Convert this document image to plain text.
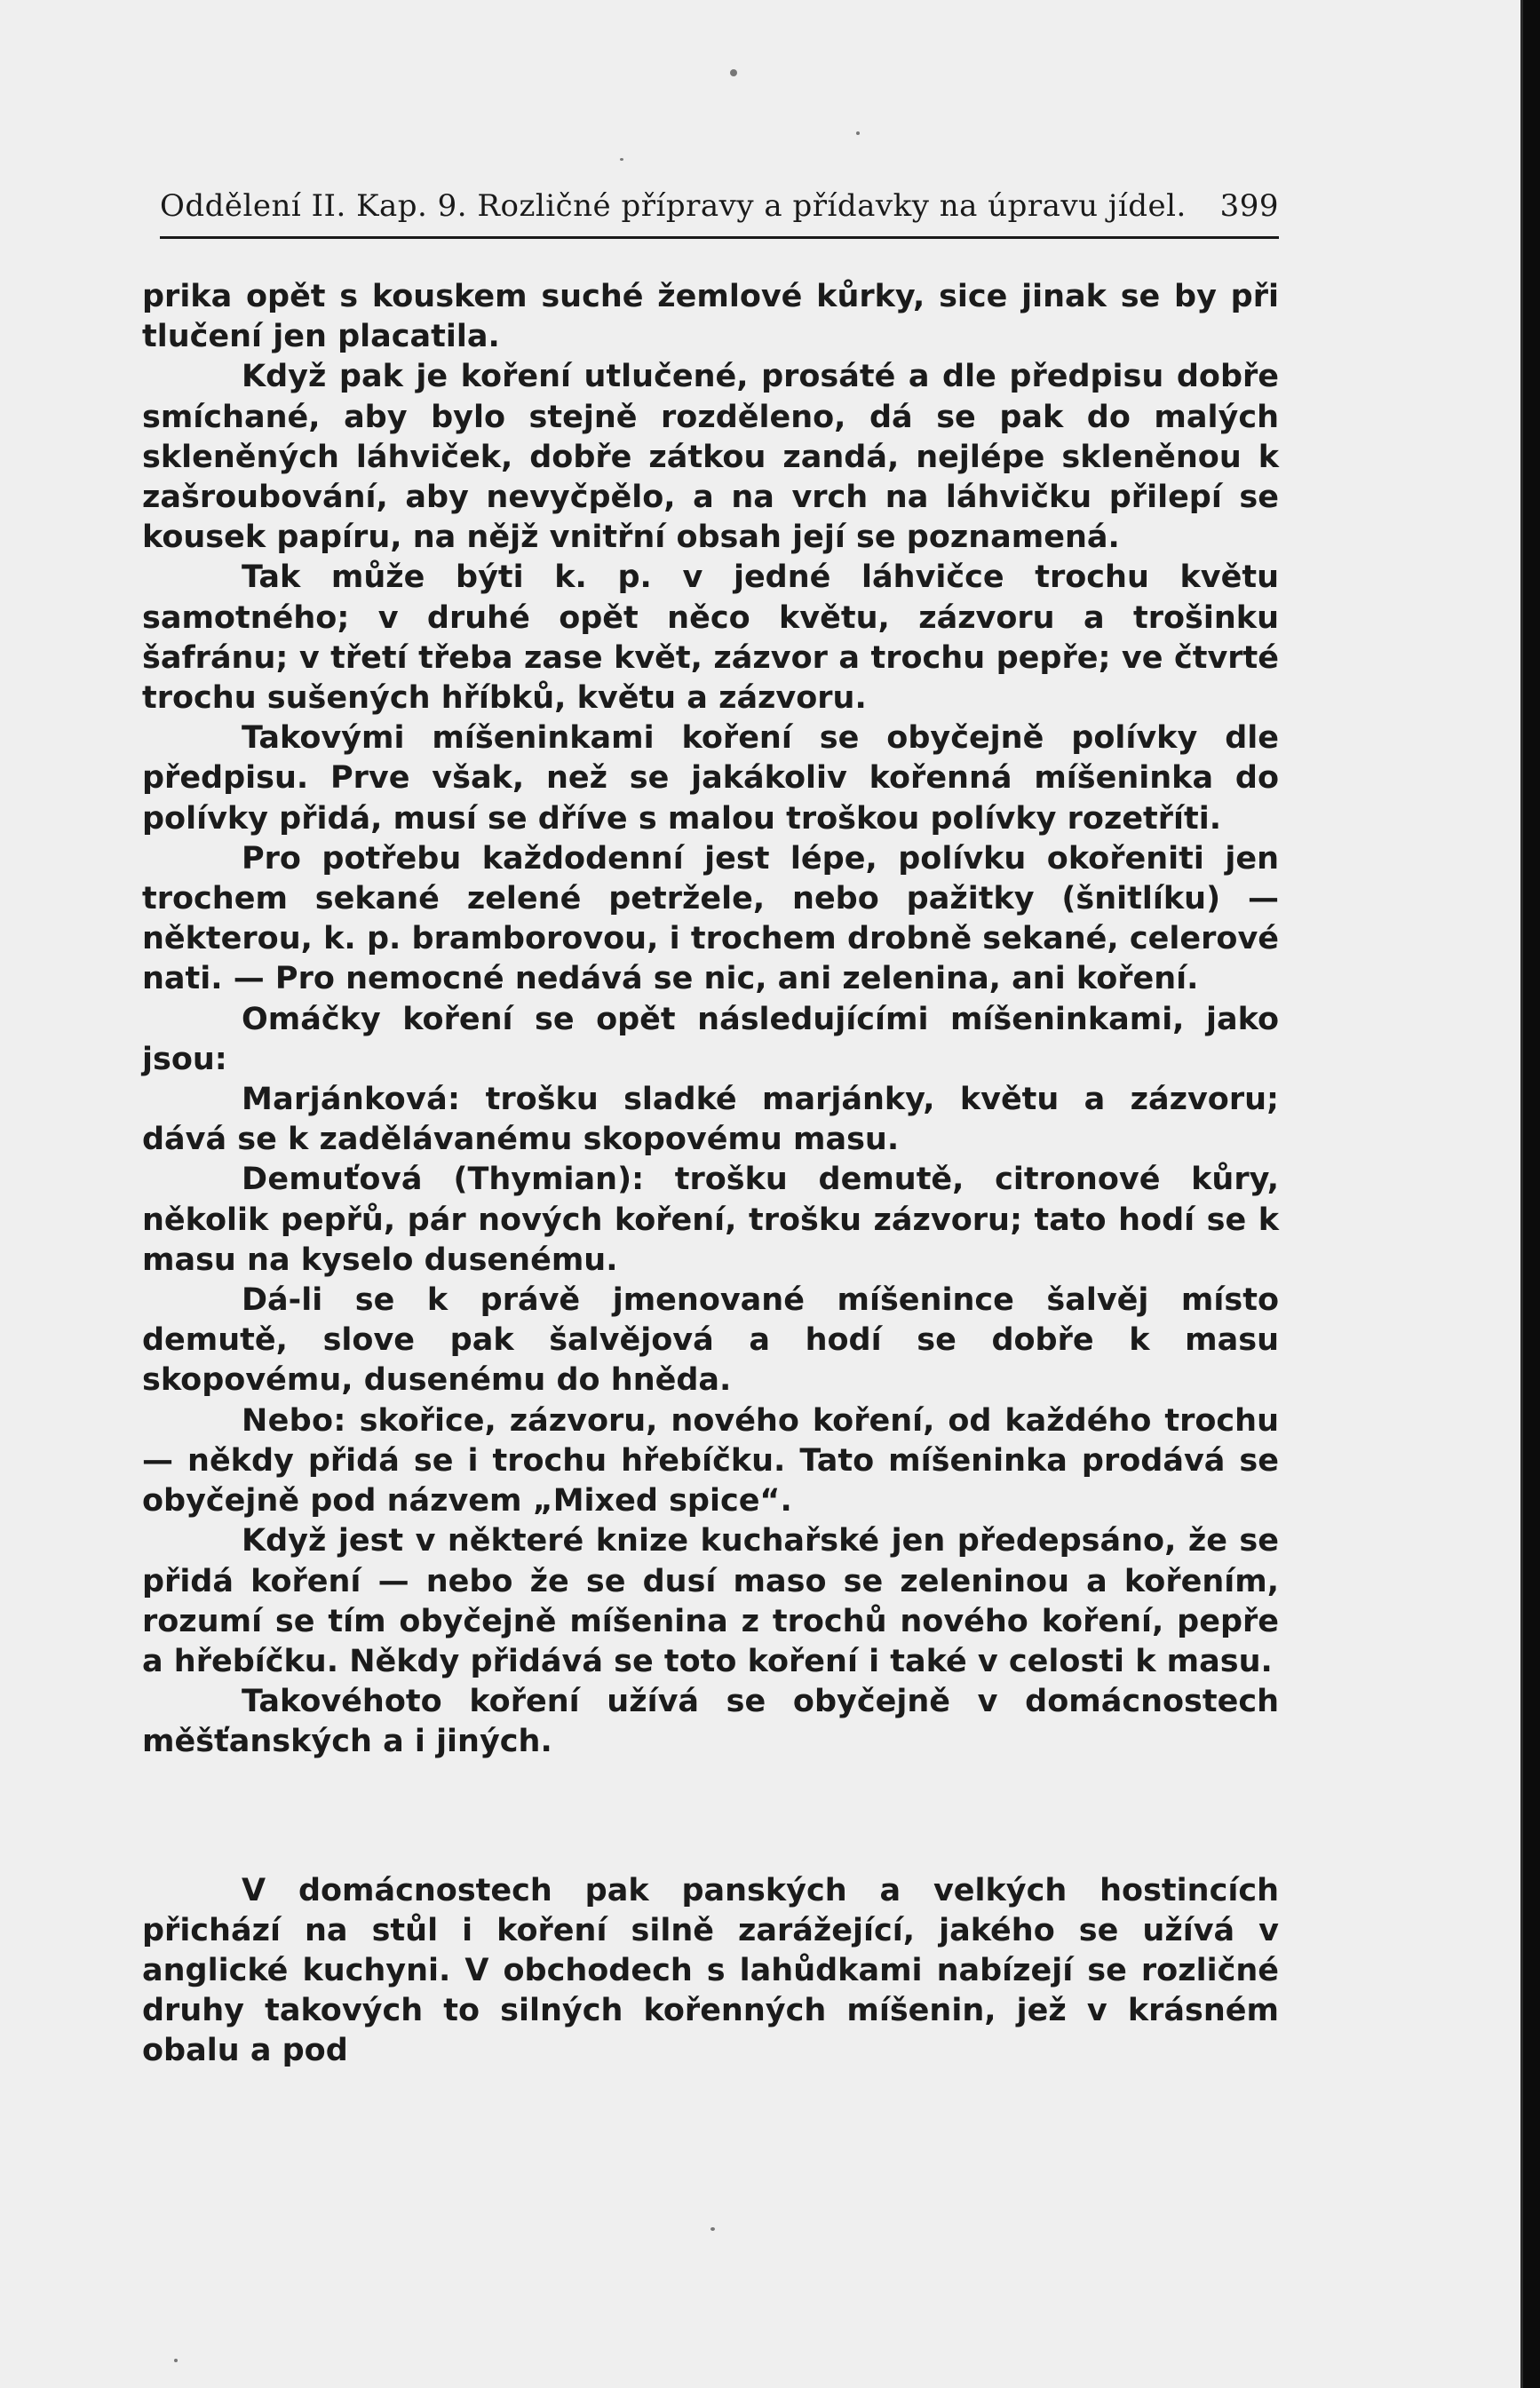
Oddělení II. Kap. 9. Rozličné přípravy a přídavky na úpravu jídel. 399

prika opět s kouskem suché žemlové kůrky, sice jinak se by při tlučení jen placatila.

Když pak je koření utlučené, prosáté a dle předpisu dobře smíchané, aby bylo stejně rozděleno, dá se pak do malých skleněných láhviček, dobře zátkou zandá, nejlépe skleněnou k zašroubování, aby nevyčpělo, a na vrch na láhvičku přilepí se kousek papíru, na nějž vnitřní obsah její se poznamená.

Tak může býti k. p. v jedné láhvičce trochu květu samotného; v druhé opět něco květu, zázvoru a trošinku šafránu; v třetí třeba zase květ, zázvor a trochu pepře; ve čtvrté trochu sušených hříbků, květu a zázvoru.

Takovými míšeninkami koření se obyčejně polívky dle předpisu. Prve však, než se jakákoliv kořenná míšeninka do polívky přidá, musí se dříve s malou troškou polívky rozetříti.

Pro potřebu každodenní jest lépe, polívku okořeniti jen trochem sekané zelené petržele, nebo pažitky (šnitlíku) — některou, k. p. bramborovou, i trochem drobně sekané, celerové nati. — Pro nemocné nedává se nic, ani zelenina, ani koření.

Omáčky koření se opět následujícími míšeninkami, jako jsou:

Marjánková: trošku sladké marjánky, květu a zázvoru; dává se k zadělávanému skopovému masu.

Demuťová (Thymian): trošku demutě, citronové kůry, několik pepřů, pár nových koření, trošku zázvoru; tato hodí se k masu na kyselo dusenému.

Dá-li se k právě jmenované míšenince šalvěj místo demutě, slove pak šalvějová a hodí se dobře k masu skopovému, dusenému do hněda.

Nebo: skořice, zázvoru, nového koření, od každého trochu — někdy přidá se i trochu hřebíčku. Tato míšeninka prodává se obyčejně pod názvem „Mixed spice“.

Když jest v některé knize kuchařské jen předepsáno, že se přidá koření — nebo že se dusí maso se zeleninou a kořením, rozumí se tím obyčejně míšenina z trochů nového koření, pepře a hřebíčku. Někdy přidává se toto koření i také v celosti k masu.

Takovéhoto koření užívá se obyčejně v domácnostech měšťanských a i jiných.

V domácnostech pak panských a velkých hostincích přichází na stůl i koření silně zarážející, jakého se užívá v anglické kuchyni. V obchodech s lahůdkami nabízejí se rozličné druhy takových to silných kořenných míšenin, jež v krásném obalu a pod
